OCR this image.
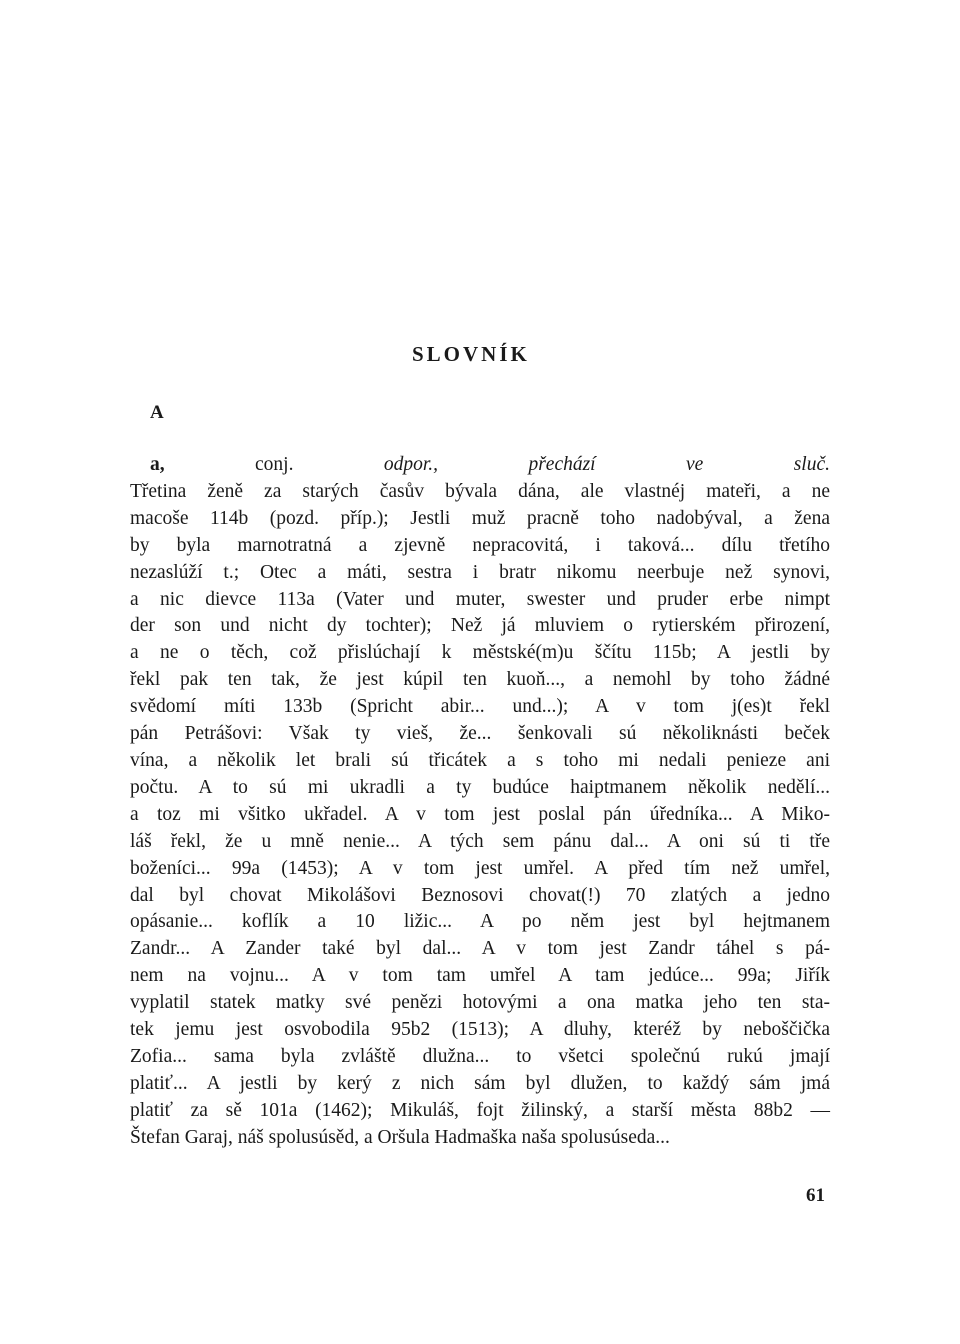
SLOVNÍK
A
a, conj. odpor., přechází ve sluč.
Třetina ženě za starých časův bývala dána, ale vlastnéj mateři, a ne
macoše 114b (pozd. příp.); Jestli muž pracně toho nadobýval, a žena
by byla marnotratná a zjevně nepracovitá, i taková... dílu třetího
nezaslúží t.; Otec a máti, sestra i bratr nikomu neerbuje než synovi,
a nic dievce 113a (Vater und muter, swester und pruder erbe nimpt
der son und nicht dy tochter); Než já mluviem o rytierském přirození,
a ne o těch, což přislúchají k městské(m)u ščítu 115b; A jestli by
řekl pak ten tak, že jest kúpil ten kuoň..., a nemohl by toho žádné
svědomí míti 133b (Spricht abir... und...); A v tom j(es)t řekl
pán Petrášovi: Však ty vieš, že... šenkovali sú několiknásti beček
vína, a několik let brali sú třicátek a s toho mi nedali penieze ani
počtu. A to sú mi ukradli a ty budúce haiptmanem několik nedělí...
a toz mi všitko ukřadel. A v tom jest poslal pán úředníka... A Miko-
láš řekl, že u mně nenie... A tých sem pánu dal... A oni sú ti tře
boženíci... 99a (1453); A v tom jest umřel. A před tím než umřel,
dal byl chovat Mikolášovi Beznosovi chovat(!) 70 zlatých a jedno
opásanie... koflík a 10 ližic... A po něm jest byl hejtmanem
Zandr... A Zander také byl dal... A v tom jest Zandr táhel s pá-
nem na vojnu... A v tom tam umřel A tam jedúce... 99a; Jiřík
vyplatil statek matky své penězi hotovými a ona matka jeho ten sta-
tek jemu jest osvobodila 95b2 (1513); A dluhy, kteréž by neboščička
Zofia... sama byla zvláště dlužna... to všetci společnú rukú jmají
platiť... A jestli by kerý z nich sám byl dlužen, to každý sám jmá
platiť za sě 101a (1462); Mikuláš, fojt žilinský, a starší města 88b2 —
Štefan Garaj, náš spolusúsěd, a Oršula Hadmaška naša spolusúseda...
61
